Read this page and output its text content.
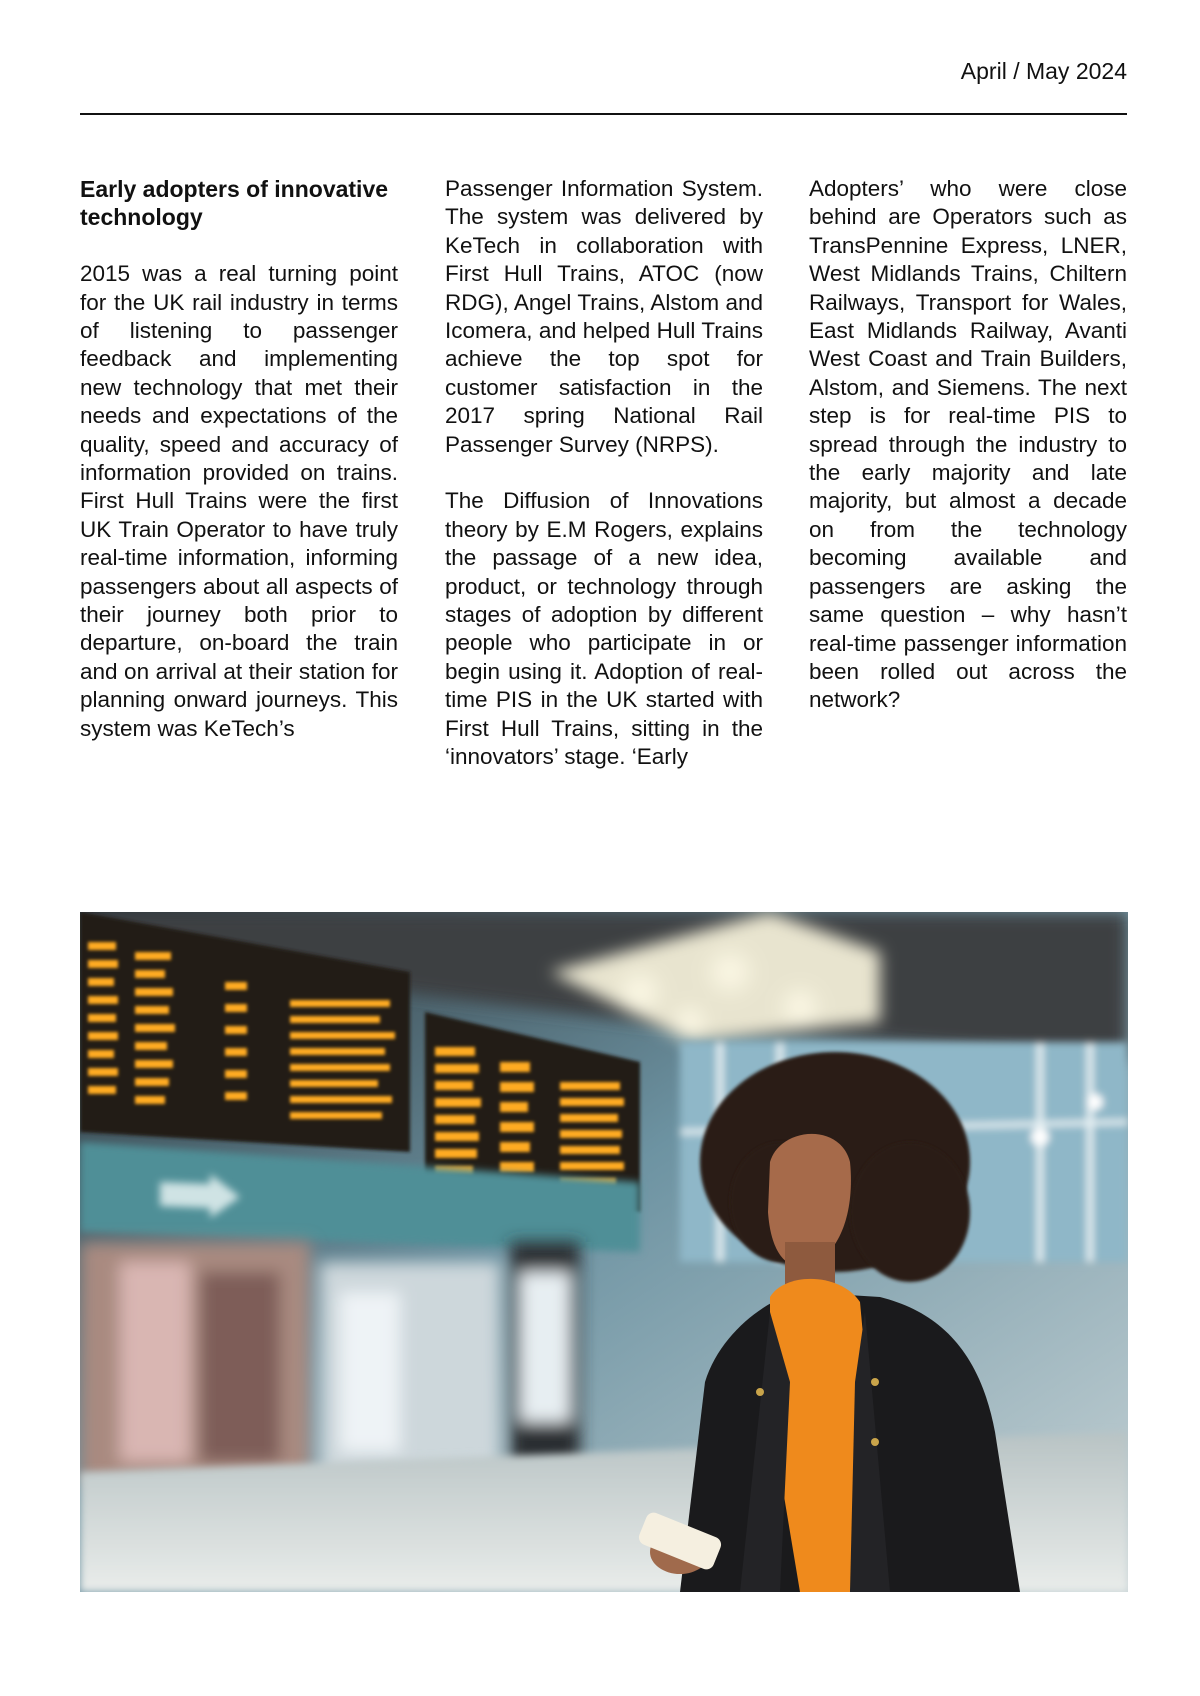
April / May 2024
Early adopters of innovative technology

2015 was a real turning point for the UK rail industry in terms of listening to passenger feedback and implementing new technology that met their needs and expectations of the quality, speed and accuracy of information provided on trains. First Hull Trains were the first UK Train Operator to have truly real-time information, informing passengers about all aspects of their journey both prior to departure, on-board the train and on arrival at their station for planning onward journeys. This system was KeTech’s

Passenger Information System. The system was delivered by KeTech in collaboration with First Hull Trains, ATOC (now RDG), Angel Trains, Alstom and Icomera, and helped Hull Trains achieve the top spot for customer satisfaction in the 2017 spring National Rail Passenger Survey (NRPS).

The Diffusion of Innovations theory by E.M Rogers, explains the passage of a new idea, product, or technology through stages of adoption by different people who participate in or begin using it. Adoption of real-time PIS in the UK started with First Hull Trains, sitting in the ‘innovators’ stage. ‘Early

Adopters’ who were close behind are Operators such as TransPennine Express, LNER, West Midlands Trains, Chiltern Railways, Transport for Wales, East Midlands Railway, Avanti West Coast and Train Builders, Alstom, and Siemens. The next step is for real-time PIS to spread through the industry to the early majority and late majority, but almost a decade on from the technology becoming available and passengers are asking the same question – why hasn’t real-time passenger information been rolled out across the network?
